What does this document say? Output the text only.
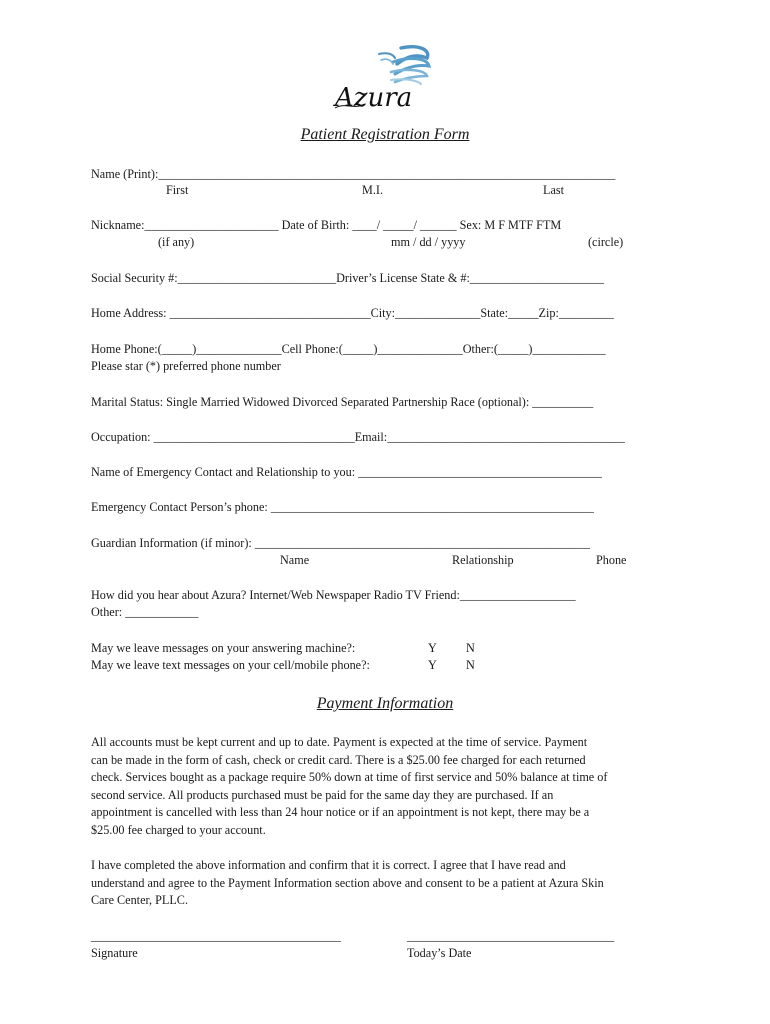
Azura
Patient Registration Form
Name (Print):___________________________________________________________________________
First	M.I.	Last
Nickname:______________________ Date of Birth: ____/ _____/ ______ Sex: M F MTF FTM
(if any)	mm / dd / yyyy	(circle)
Social Security #:__________________________Driver’s License State & #:______________________
Home Address: _________________________________City:______________State:_____Zip:_________
Home Phone:(_____)______________Cell Phone:(_____)______________Other:(_____)____________
Please star (*) preferred phone number
Marital Status: Single Married Widowed Divorced Separated Partnership Race (optional): __________
Occupation: _________________________________Email:_______________________________________
Name of Emergency Contact and Relationship to you: ________________________________________
Emergency Contact Person’s phone: _____________________________________________________
Guardian Information (if minor): _______________________________________________________
Name	Relationship	Phone
How did you hear about Azura? Internet/Web Newspaper Radio TV Friend:___________________
Other: ____________
May we leave messages on your answering machine?:	Y N
May we leave text messages on your cell/mobile phone?:	Y N
Payment Information
All accounts must be kept current and up to date. Payment is expected at the time of service. Payment
can be made in the form of cash, check or credit card. There is a $25.00 fee charged for each returned
check. Services bought as a package require 50% down at time of first service and 50% balance at time of
second service. All products purchased must be paid for the same day they are purchased. If an
appointment is cancelled with less than 24 hour notice or if an appointment is not kept, there may be a
$25.00 fee charged to your account.
I have completed the above information and confirm that it is correct. I agree that I have read and
understand and agree to the Payment Information section above and consent to be a patient at Azura Skin
Care Center, PLLC.
_________________________________________
Signature
__________________________________
Today’s Date
